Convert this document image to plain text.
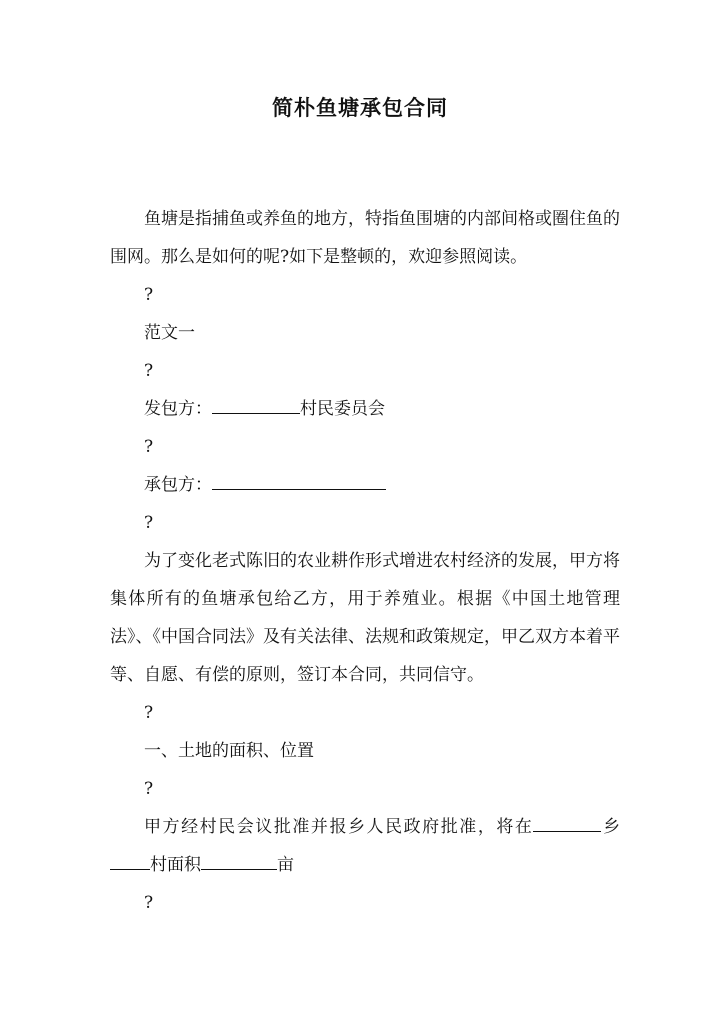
简朴鱼塘承包合同

鱼塘是指捕鱼或养鱼的地方，特指鱼围塘的内部间格或圈住鱼的围网。那么是如何的呢?如下是整顿的，欢迎参照阅读。

?

范文一

?

发包方：	村民委员会

?

承包方：

?

为了变化老式陈旧的农业耕作形式增进农村经济的发展，甲方将集体所有的鱼塘承包给乙方，用于养殖业。根据《中国土地管理法》、《中国合同法》及有关法律、法规和政策规定，甲乙双方本着平等、自愿、有偿的原则，签订本合同，共同信守。

?

一、土地的面积、位置

?

甲方经村民会议批准并报乡人民政府批准，将在	乡村面积	亩

?
